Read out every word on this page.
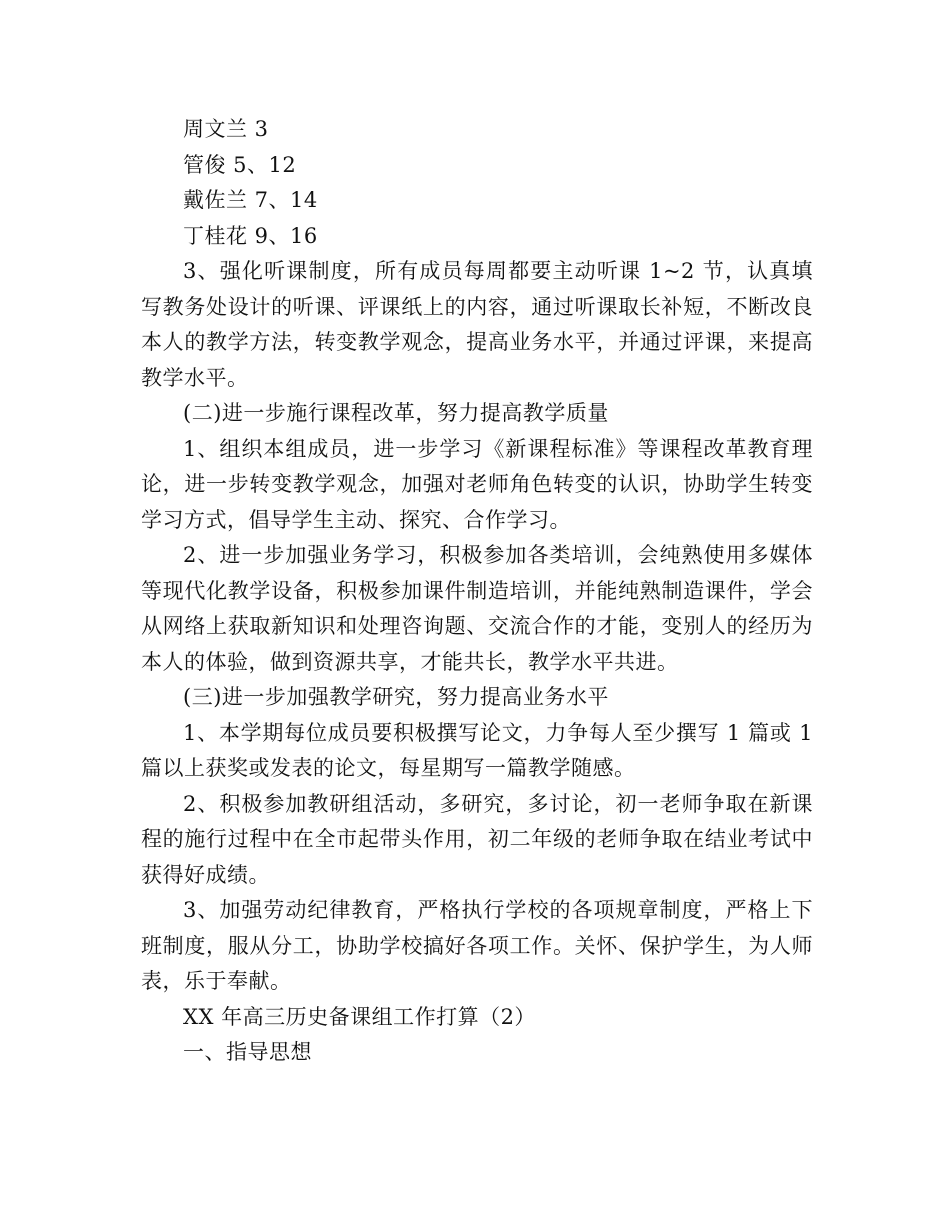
周文兰 3

管俊 5、12

戴佐兰 7、14

丁桂花 9、16

3、强化听课制度，所有成员每周都要主动听课 1~2 节，认真填写教务处设计的听课、评课纸上的内容，通过听课取长补短，不断改良本人的教学方法，转变教学观念，提高业务水平，并通过评课，来提高教学水平。

(二)进一步施行课程改革，努力提高教学质量

1、组织本组成员，进一步学习《新课程标准》等课程改革教育理论，进一步转变教学观念，加强对老师角色转变的认识，协助学生转变学习方式，倡导学生主动、探究、合作学习。

2、进一步加强业务学习，积极参加各类培训，会纯熟使用多媒体等现代化教学设备，积极参加课件制造培训，并能纯熟制造课件，学会从网络上获取新知识和处理咨询题、交流合作的才能，变别人的经历为本人的体验，做到资源共享，才能共长，教学水平共进。

(三)进一步加强教学研究，努力提高业务水平

1、本学期每位成员要积极撰写论文，力争每人至少撰写 1 篇或 1 篇以上获奖或发表的论文，每星期写一篇教学随感。

2、积极参加教研组活动，多研究，多讨论，初一老师争取在新课程的施行过程中在全市起带头作用，初二年级的老师争取在结业考试中获得好成绩。

3、加强劳动纪律教育，严格执行学校的各项规章制度，严格上下班制度，服从分工，协助学校搞好各项工作。关怀、保护学生，为人师表，乐于奉献。

XX 年高三历史备课组工作打算（2）

一、指导思想
